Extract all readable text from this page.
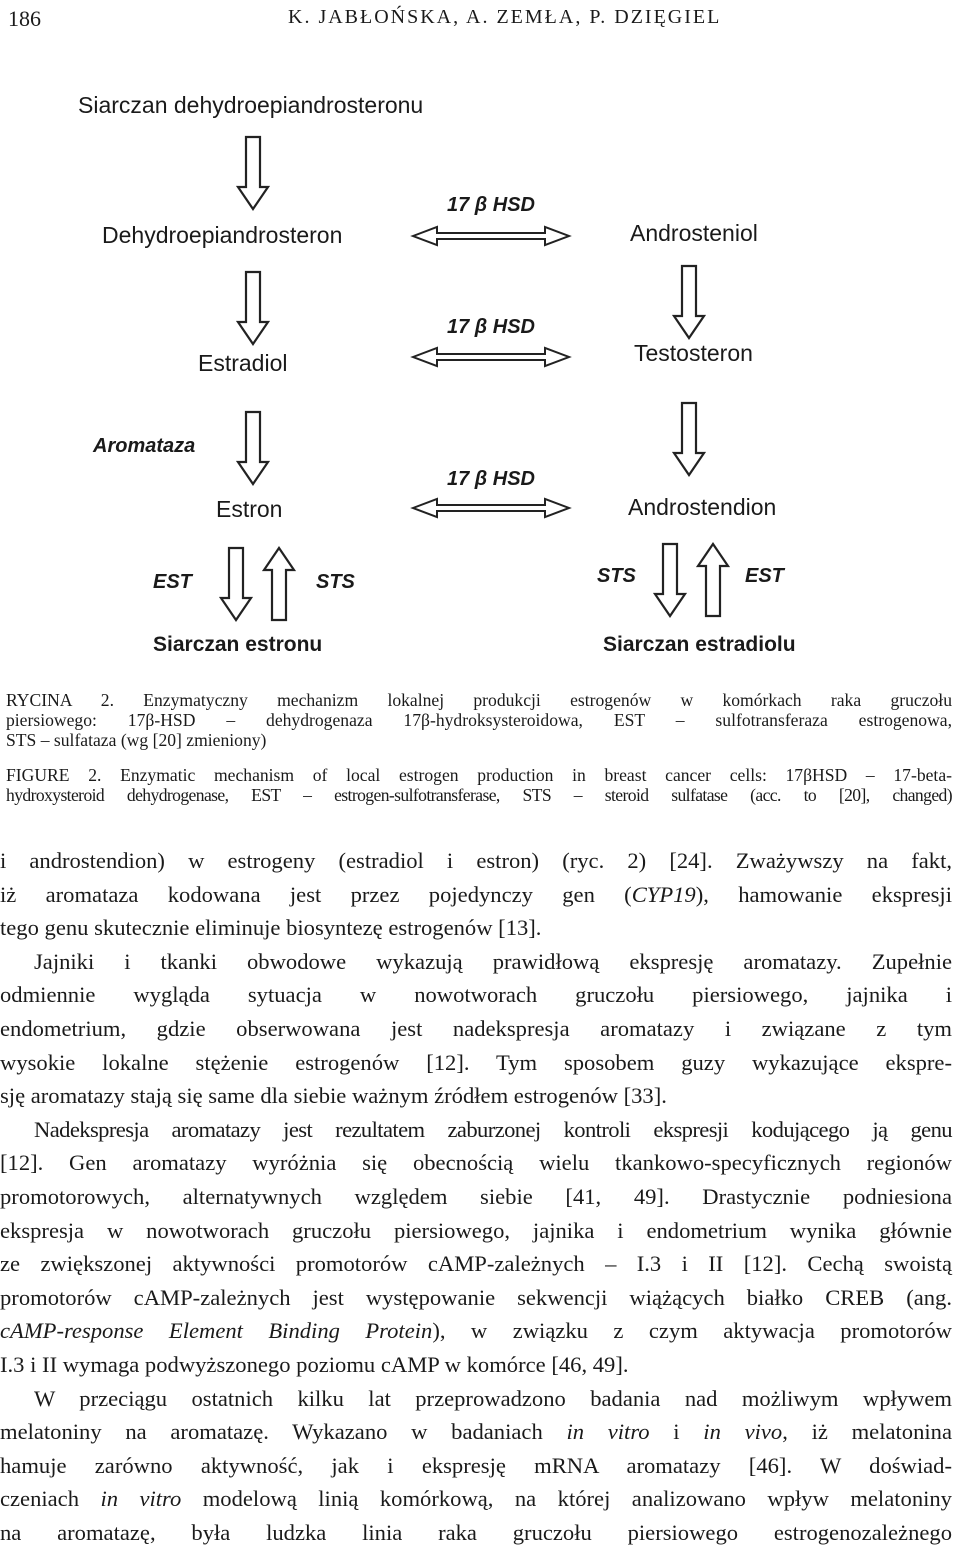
186	K. JABŁOŃSKA, A. ZEMŁA, P. DZIĘGIEL
Siarczan dehydroepiandrosteronu
Dehydroepiandrosteron	Androsteniol
17 β HSD
Estradiol	Testosteron
17 β HSD
Aromataza
Estron	Androstendion
17 β HSD
EST	STS	STS	EST
Siarczan estronu	Siarczan estradiolu
RYCINA 2. Enzymatyczny mechanizm lokalnej produkcji estrogenów w komórkach raka gruczołu
piersiowego: 17β-HSD – dehydrogenaza 17β-hydroksysteroidowa, EST – sulfotransferaza estrogenowa,
STS – sulfataza (wg [20] zmieniony)
FIGURE 2. Enzymatic mechanism of local estrogen production in breast cancer cells: 17βHSD – 17-beta-
hydroxysteroid dehydrogenase, EST – estrogen-sulfotransferase, STS – steroid sulfatase (acc. to [20], changed)

i androstendion) w estrogeny (estradiol i estron) (ryc. 2) [24]. Zważywszy na fakt,
iż aromataza kodowana jest przez pojedynczy gen (CYP19), hamowanie ekspresji
tego genu skutecznie eliminuje biosyntezę estrogenów [13].

Jajniki i tkanki obwodowe wykazują prawidłową ekspresję aromatazy. Zupełnie
odmiennie wygląda sytuacja w nowotworach gruczołu piersiowego, jajnika i
endometrium, gdzie obserwowana jest nadekspresja aromatazy i związane z tym
wysokie lokalne stężenie estrogenów [12]. Tym sposobem guzy wykazujące ekspre-
sję aromatazy stają się same dla siebie ważnym źródłem estrogenów [33].

Nadekspresja aromatazy jest rezultatem zaburzonej kontroli ekspresji kodującego ją genu
[12]. Gen aromatazy wyróżnia się obecnością wielu tkankowo-specyficznych regionów
promotorowych, alternatywnych względem siebie [41, 49]. Drastycznie podniesiona
ekspresja w nowotworach gruczołu piersiowego, jajnika i endometrium wynika głównie
ze zwiększonej aktywności promotorów cAMP-zależnych – I.3 i II [12]. Cechą swoistą
promotorów cAMP-zależnych jest występowanie sekwencji wiążących białko CREB (ang.
cAMP-response Element Binding Protein), w związku z czym aktywacja promotorów
I.3 i II wymaga podwyższonego poziomu cAMP w komórce [46, 49].

W przeciągu ostatnich kilku lat przeprowadzono badania nad możliwym wpływem
melatoniny na aromatazę. Wykazano w badaniach in vitro i in vivo, iż melatonina
hamuje zarówno aktywność, jak i ekspresję mRNA aromatazy [46]. W doświad-
czeniach in vitro modelową linią komórkową, na której analizowano wpływ melatoniny
na aromatazę, była ludzka linia raka gruczołu piersiowego estrogenozależnego
